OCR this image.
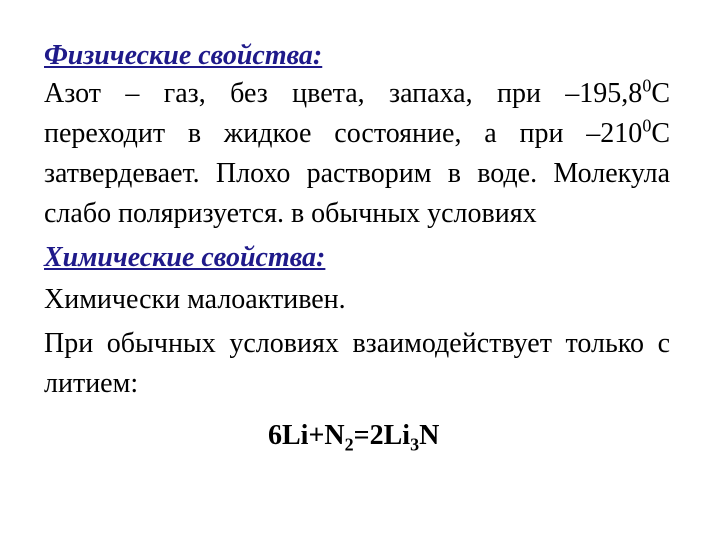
Физические свойства:

Азот – газ, без цвета, запаха, при –195,8$^0$С переходит в жидкое состояние, а при $-210^0С$ затвердевает. Плохо растворим в воде. Молекула слабо поляризуется. в обычных условиях

Химические свойства:

Химически малоактивен.

При обычных условиях взаимодействует только с литием:

$6Li+N_2=2Li_3N$
